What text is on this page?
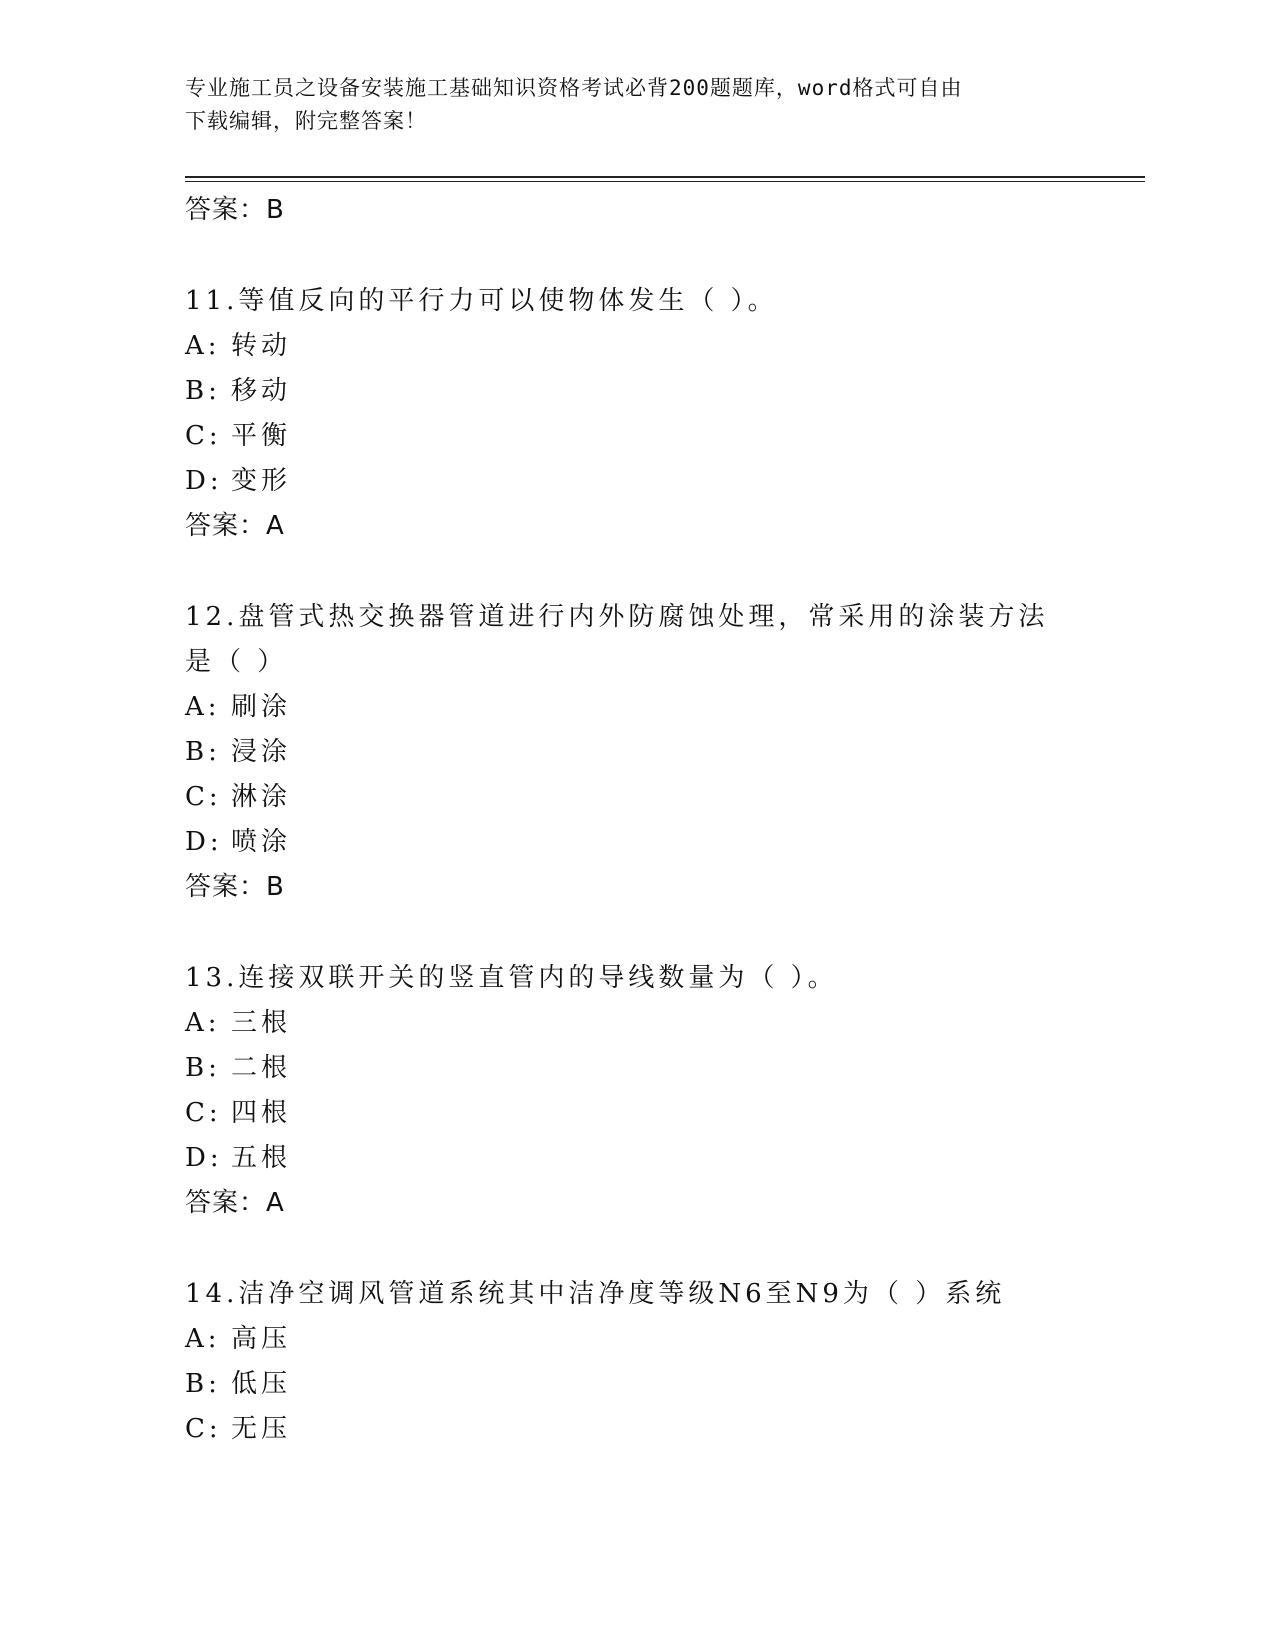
专业施工员之设备安装施工基础知识资格考试必背200题题库，word格式可自由
下载编辑，附完整答案！
答案：B
11.等值反向的平行力可以使物体发生（ ）。
A: 转动
B: 移动
C: 平衡
D: 变形
答案：A
12.盘管式热交换器管道进行内外防腐蚀处理，常采用的涂装方法是（ ）
A: 刷涂
B: 浸涂
C: 淋涂
D: 喷涂
答案：B
13.连接双联开关的竖直管内的导线数量为（ ）。
A: 三根
B: 二根
C: 四根
D: 五根
答案：A
14.洁净空调风管道系统其中洁净度等级N6至N9为（ ）系统
A: 高压
B: 低压
C: 无压
